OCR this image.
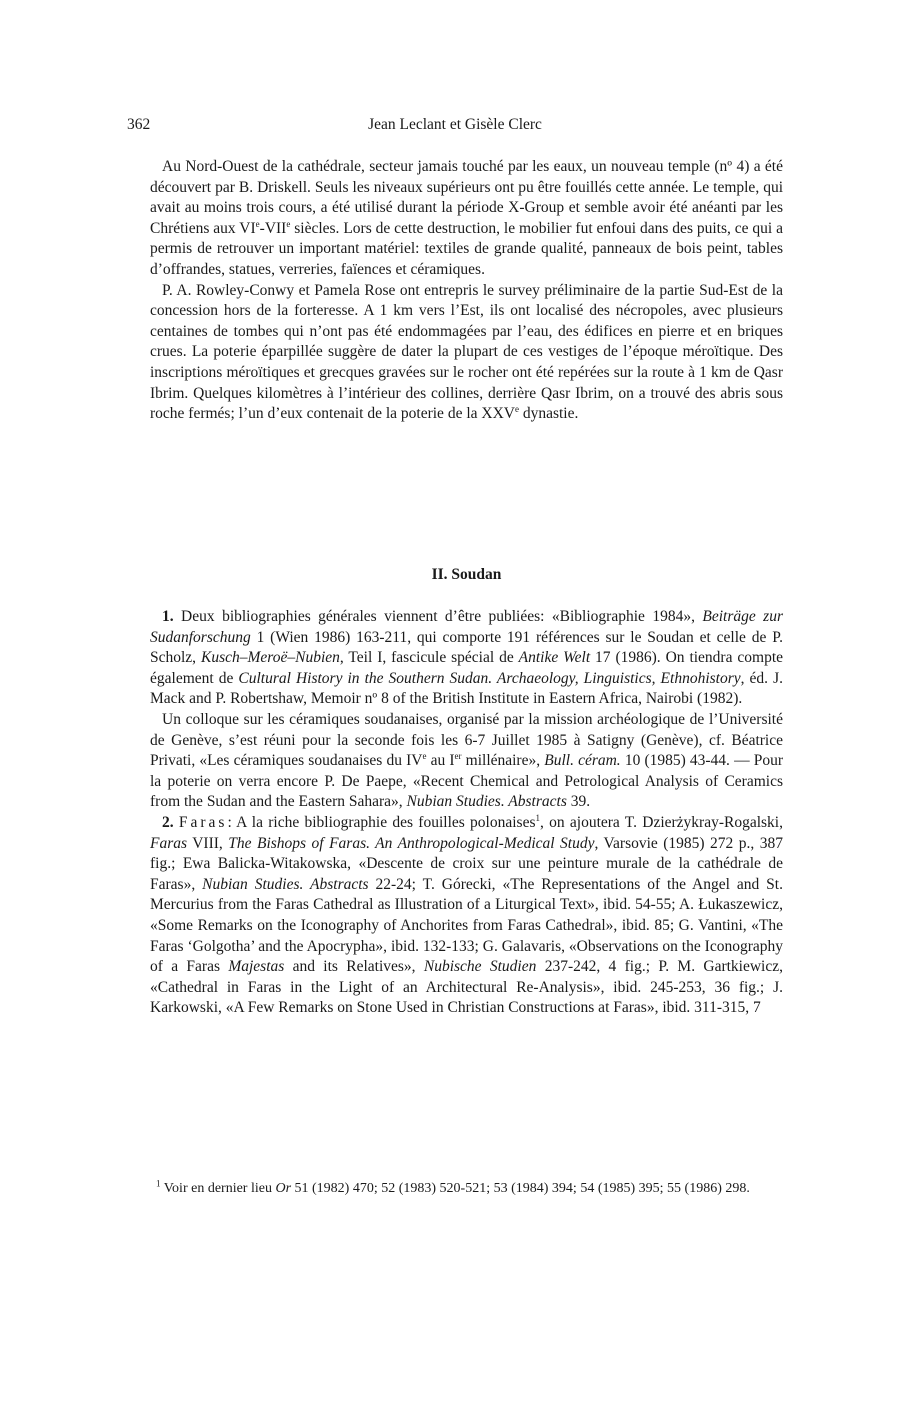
362	Jean Leclant et Gisèle Clerc

Au Nord-Ouest de la cathédrale, secteur jamais touché par les eaux, un nouveau temple (nº 4) a été découvert par B. Driskell. Seuls les niveaux supérieurs ont pu être fouillés cette année. Le temple, qui avait au moins trois cours, a été utilisé durant la période X-Group et semble avoir été anéanti par les Chrétiens aux VIe-VIIe siècles. Lors de cette destruction, le mobilier fut enfoui dans des puits, ce qui a permis de retrouver un important matériel: textiles de grande qualité, panneaux de bois peint, tables d’offrandes, statues, verreries, faïences et céramiques.

P. A. Rowley-Conwy et Pamela Rose ont entrepris le survey préliminaire de la partie Sud-Est de la concession hors de la forteresse. A 1 km vers l’Est, ils ont localisé des nécropoles, avec plusieurs centaines de tombes qui n’ont pas été endommagées par l’eau, des édifices en pierre et en briques crues. La poterie éparpillée suggère de dater la plupart de ces vestiges de l’époque méroïtique. Des inscriptions méroïtiques et grecques gravées sur le rocher ont été repérées sur la route à 1 km de Qasr Ibrim. Quelques kilomètres à l’intérieur des collines, derrière Qasr Ibrim, on a trouvé des abris sous roche fermés; l’un d’eux contenait de la poterie de la XXVe dynastie.

II. Soudan

1. Deux bibliographies générales viennent d’être publiées: «Bibliographie 1984», Beiträge zur Sudanforschung 1 (Wien 1986) 163-211, qui comporte 191 références sur le Soudan et celle de P. Scholz, Kusch–Meroë–Nubien, Teil I, fascicule spécial de Antike Welt 17 (1986). On tiendra compte également de Cultural History in the Southern Sudan. Archaeology, Linguistics, Ethnohistory, éd. J. Mack and P. Robertshaw, Memoir nº 8 of the British Institute in Eastern Africa, Nairobi (1982).

Un colloque sur les céramiques soudanaises, organisé par la mission archéologique de l’Université de Genève, s’est réuni pour la seconde fois les 6-7 Juillet 1985 à Satigny (Genève), cf. Béatrice Privati, «Les céramiques soudanaises du IVe au Ier millénaire», Bull. céram. 10 (1985) 43-44. — Pour la poterie on verra encore P. De Paepe, «Recent Chemical and Petrological Analysis of Ceramics from the Sudan and the Eastern Sahara», Nubian Studies. Abstracts 39.

2. Faras: A la riche bibliographie des fouilles polonaises$^1$, on ajoutera T. Dzierżykray-Rogalski, Faras VIII, The Bishops of Faras. An Anthropological-Medical Study, Varsovie (1985) 272 p., 387 fig.; Ewa Balicka-Witakowska, «Descente de croix sur une peinture murale de la cathédrale de Faras», Nubian Studies. Abstracts 22-24; T. Górecki, «The Representations of the Angel and St. Mercurius from the Faras Cathedral as Illustration of a Liturgical Text», ibid. 54-55; A. Łukaszewicz, «Some Remarks on the Iconography of Anchorites from Faras Cathedral», ibid. 85; G. Vantini, «The Faras ‘Golgotha’ and the Apocrypha», ibid. 132-133; G. Galavaris, «Observations on the Iconography of a Faras Majestas and its Relatives», Nubische Studien 237-242, 4 fig.; P. M. Gartkiewicz, «Cathedral in Faras in the Light of an Architectural Re-Analysis», ibid. 245-253, 36 fig.; J. Karkowski, «A Few Remarks on Stone Used in Christian Constructions at Faras», ibid. 311-315, 7

$^1$ Voir en dernier lieu Or 51 (1982) 470; 52 (1983) 520-521; 53 (1984) 394; 54 (1985) 395; 55 (1986) 298.
